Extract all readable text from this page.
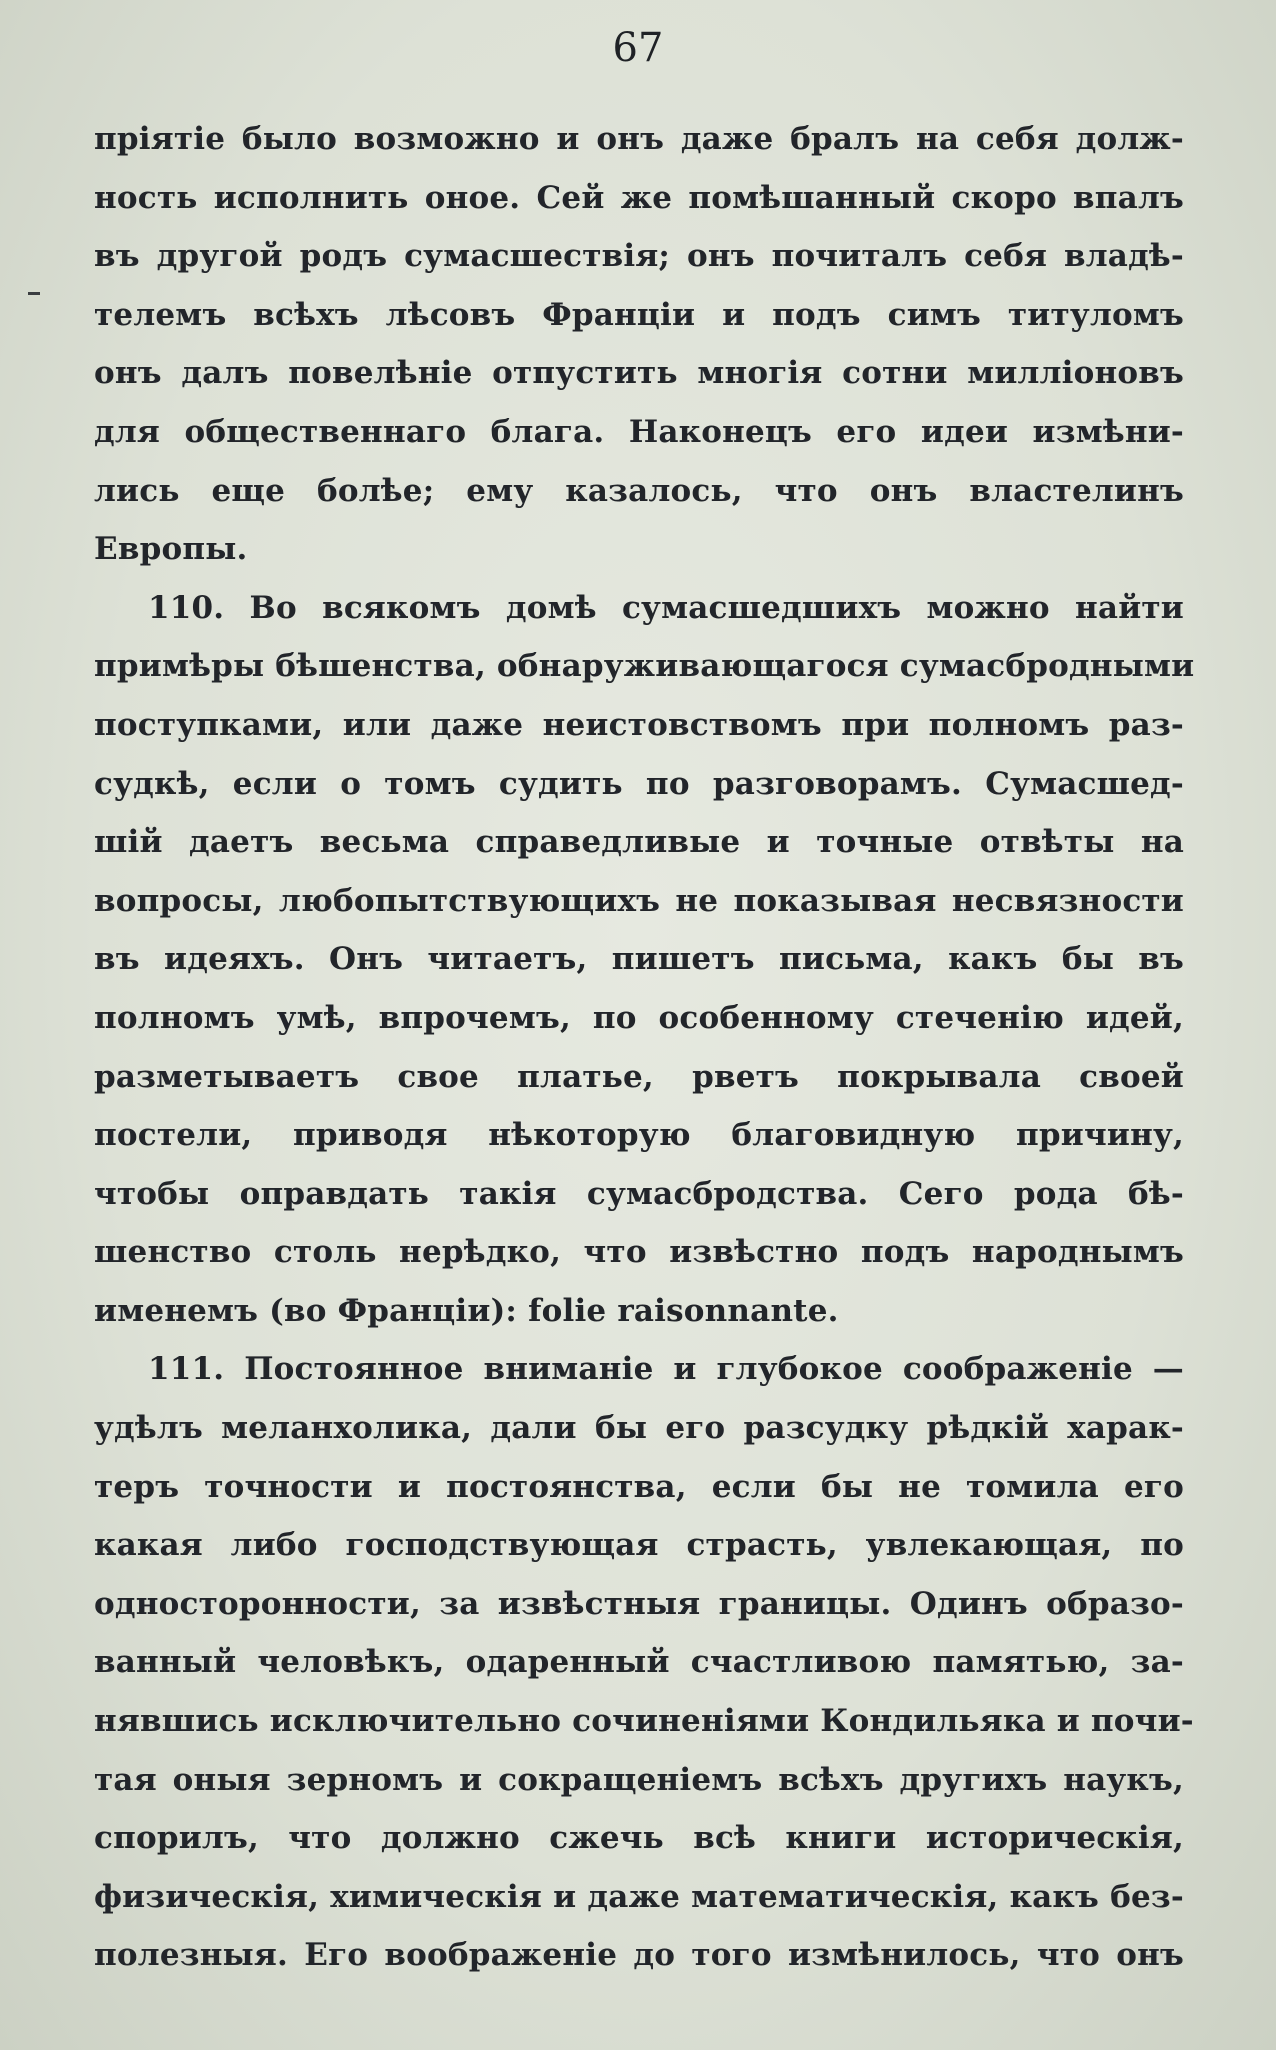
67
пріятіе было возможно и онъ даже бралъ на себя долж-
ность исполнить оное. Сей же помѣшанный скоро впалъ
въ другой родъ сумасшествія; онъ почиталъ себя владѣ-
телемъ всѣхъ лѣсовъ Франціи и подъ симъ титуломъ
онъ далъ повелѣніе отпустить многія сотни милліоновъ
для общественнаго блага. Наконецъ его идеи измѣни-
лись еще болѣе; ему казалось, что онъ властелинъ
Европы.
110. Во всякомъ домѣ сумасшедшихъ можно найти
примѣры бѣшенства, обнаруживающагося сумасбродными
поступками, или даже неистовствомъ при полномъ раз-
судкѣ, если о томъ судить по разговорамъ. Сумасшед-
шій даетъ весьма справедливые и точные отвѣты на
вопросы, любопытствующихъ не показывая несвязности
въ идеяхъ. Онъ читаетъ, пишетъ письма, какъ бы въ
полномъ умѣ, впрочемъ, по особенному стеченію идей,
разметываетъ свое платье, рветъ покрывала своей
постели, приводя нѣкоторую благовидную причину,
чтобы оправдать такія сумасбродства. Сего рода бѣ-
шенство столь нерѣдко, что извѣстно подъ народнымъ
именемъ (во Франціи): folie raisonnante.
111. Постоянное вниманіе и глубокое соображеніе —
удѣлъ меланхолика, дали бы его разсудку рѣдкій харак-
теръ точности и постоянства, если бы не томила его
какая либо господствующая страсть, увлекающая, по
односторонности, за извѣстныя границы. Одинъ образо-
ванный человѣкъ, одаренный счастливою памятью, за-
нявшись исключительно сочиненіями Кондильяка и почи-
тая оныя зерномъ и сокращеніемъ всѣхъ другихъ наукъ,
спорилъ, что должно сжечь всѣ книги историческія,
физическія, химическія и даже математическія, какъ без-
полезныя. Его воображеніе до того измѣнилось, что онъ
